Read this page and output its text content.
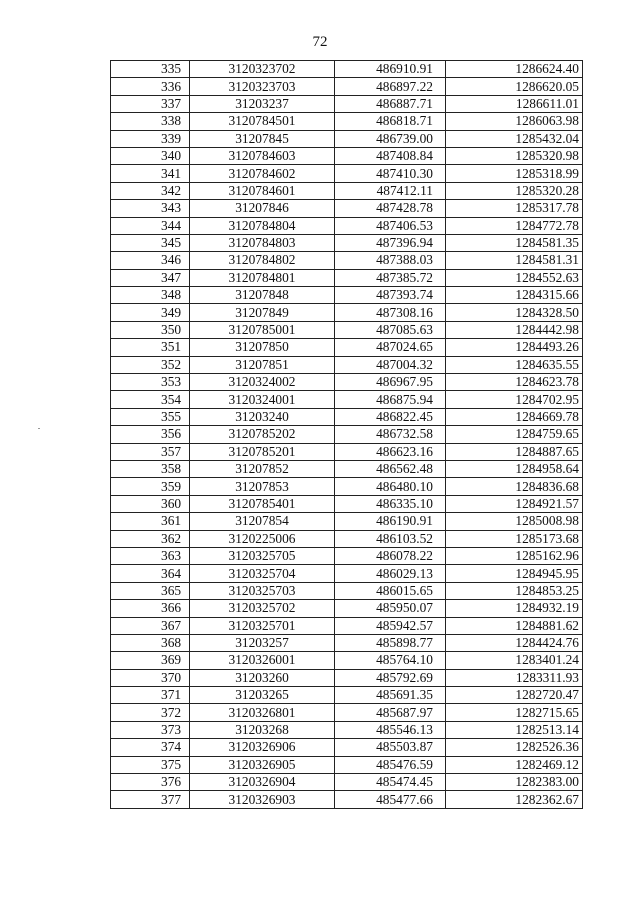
72
335	3120323702	486910.91	1286624.40
336	3120323703	486897.22	1286620.05
337	31203237	486887.71	1286611.01
338	3120784501	486818.71	1286063.98
339	31207845	486739.00	1285432.04
340	3120784603	487408.84	1285320.98
341	3120784602	487410.30	1285318.99
342	3120784601	487412.11	1285320.28
343	31207846	487428.78	1285317.78
344	3120784804	487406.53	1284772.78
345	3120784803	487396.94	1284581.35
346	3120784802	487388.03	1284581.31
347	3120784801	487385.72	1284552.63
348	31207848	487393.74	1284315.66
349	31207849	487308.16	1284328.50
350	3120785001	487085.63	1284442.98
351	31207850	487024.65	1284493.26
352	31207851	487004.32	1284635.55
353	3120324002	486967.95	1284623.78
354	3120324001	486875.94	1284702.95
355	31203240	486822.45	1284669.78
356	3120785202	486732.58	1284759.65
357	3120785201	486623.16	1284887.65
358	31207852	486562.48	1284958.64
359	31207853	486480.10	1284836.68
360	3120785401	486335.10	1284921.57
361	31207854	486190.91	1285008.98
362	3120225006	486103.52	1285173.68
363	3120325705	486078.22	1285162.96
364	3120325704	486029.13	1284945.95
365	3120325703	486015.65	1284853.25
366	3120325702	485950.07	1284932.19
367	3120325701	485942.57	1284881.62
368	31203257	485898.77	1284424.76
369	3120326001	485764.10	1283401.24
370	31203260	485792.69	1283311.93
371	31203265	485691.35	1282720.47
372	3120326801	485687.97	1282715.65
373	31203268	485546.13	1282513.14
374	3120326906	485503.87	1282526.36
375	3120326905	485476.59	1282469.12
376	3120326904	485474.45	1282383.00
377	3120326903	485477.66	1282362.67
